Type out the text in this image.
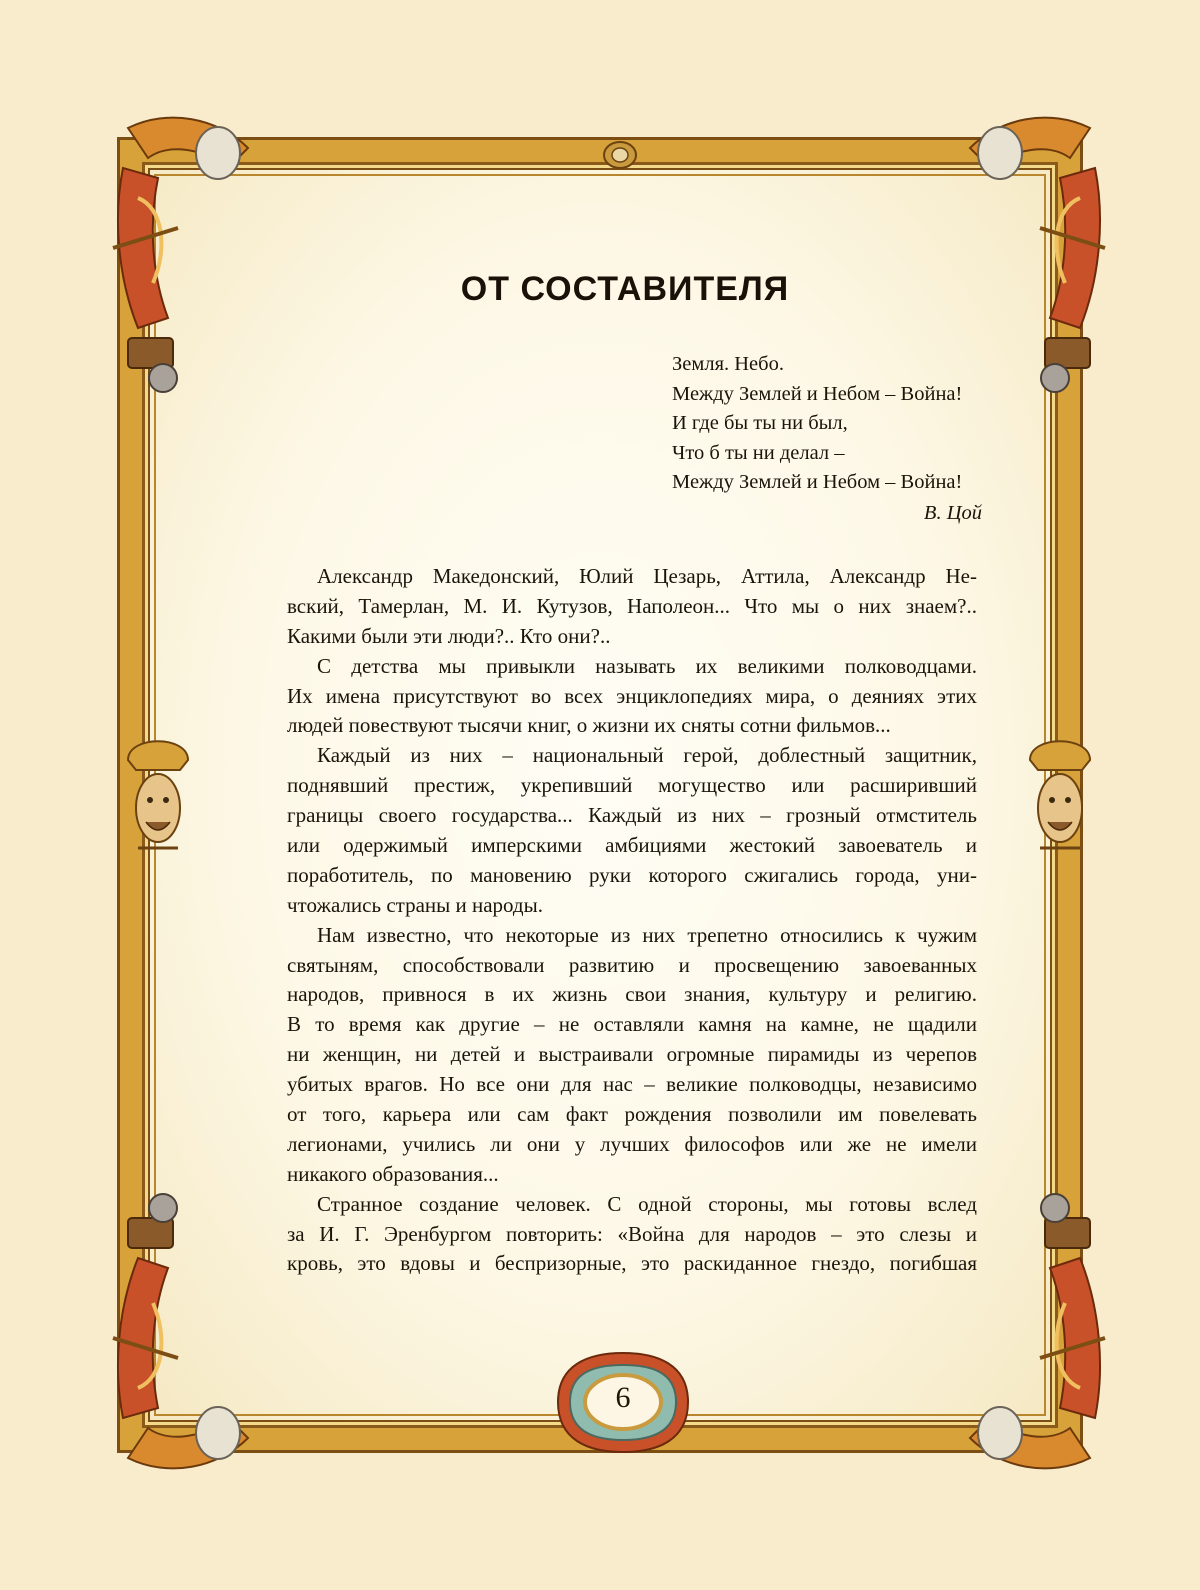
ОТ СОСТАВИТЕЛЯ
Земля. Небо.
Между Землей и Небом – Война!
И где бы ты ни был,
Что б ты ни делал –
Между Землей и Небом – Война!
В. Цой
Александр Македонский, Юлий Цезарь, Аттила, Александр Не-
вский, Тамерлан, М. И. Кутузов, Наполеон... Что мы о них знаем?..
Какими были эти люди?.. Кто они?..
С детства мы привыкли называть их великими полководцами.
Их имена присутствуют во всех энциклопедиях мира, о деяниях этих
людей повествуют тысячи книг, о жизни их сняты сотни фильмов...
Каждый из них – национальный герой, доблестный защитник,
поднявший престиж, укрепивший могущество или расширивший
границы своего государства... Каждый из них – грозный отмститель
или одержимый имперскими амбициями жестокий завоеватель и
поработитель, по мановению руки которого сжигались города, уни-
чтожались страны и народы.
Нам известно, что некоторые из них трепетно относились к чужим
святыням, способствовали развитию и просвещению завоеванных
народов, привнося в их жизнь свои знания, культуру и религию.
В то время как другие – не оставляли камня на камне, не щадили
ни женщин, ни детей и выстраивали огромные пирамиды из черепов
убитых врагов. Но все они для нас – великие полководцы, независимо
от того, карьера или сам факт рождения позволили им повелевать
легионами, учились ли они у лучших философов или же не имели
никакого образования...
Странное создание человек. С одной стороны, мы готовы вслед
за И. Г. Эренбургом повторить: «Война для народов – это слезы и
кровь, это вдовы и беспризорные, это раскиданное гнездо, погибшая
6
